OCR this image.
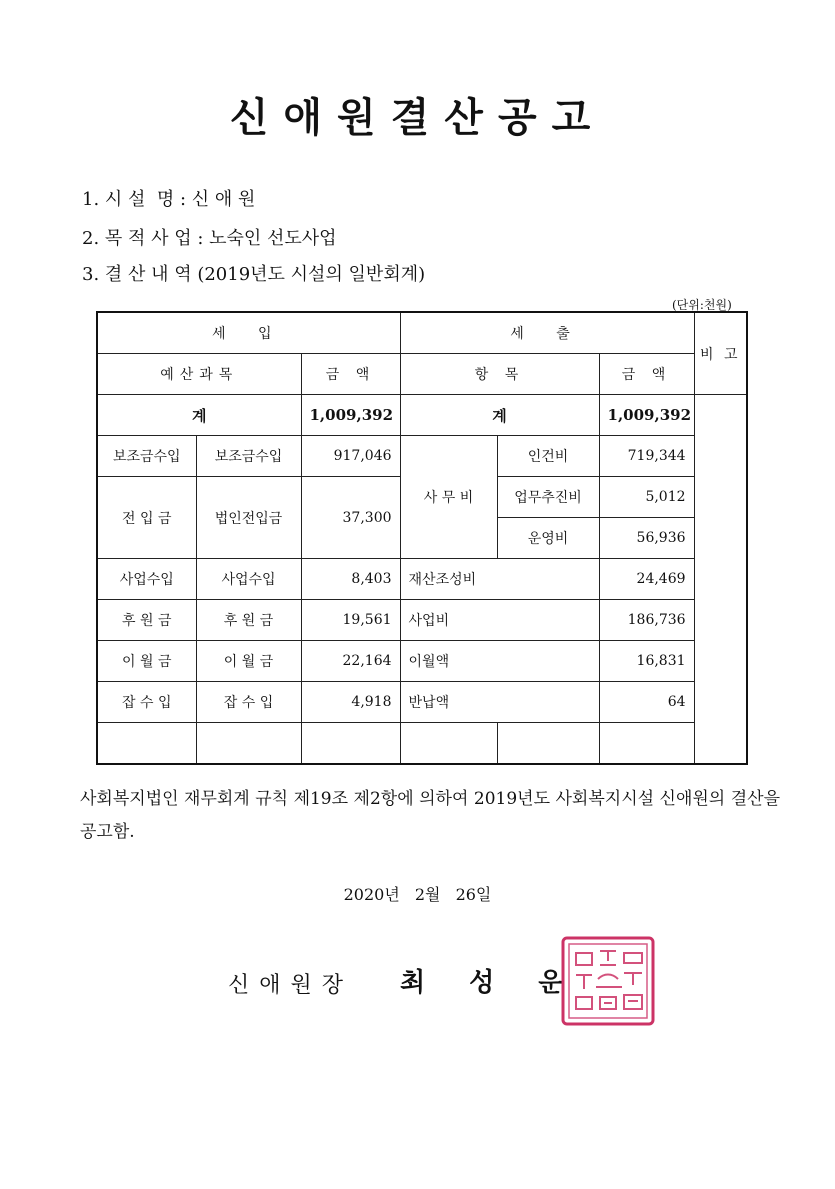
신애원결산공고
1. 시 설  명 : 신 애 원
2. 목 적 사 업 : 노숙인 선도사업
3. 결 산 내 역 (2019년도 시설의 일반회계)
(단위:천원)
세 입			세 출			비 고
예산과목		금 액	항 목		금 액	
계		1,009,392	계		1,009,392	
보조금수입	보조금수입	917,046	사 무 비	인건비	719,344	
				업무추진비	5,012	
전 입 금	법인전입금	37,300				
				운영비	56,936	
사업수입	사업수입	8,403	재산조성비		24,469	
후 원 금	후 원 금	19,561	사업비		186,736	
이 월 금	이 월 금	22,164	이월액		16,831	
잡 수 입	잡 수 입	4,918	반납액		64	

사회복지법인 재무회계 규칙 제19조 제2항에 의하여 2019년도 사회복지시설 신애원의 결산을 공고함.
2020년 2월 26일
신애원장 최성운
